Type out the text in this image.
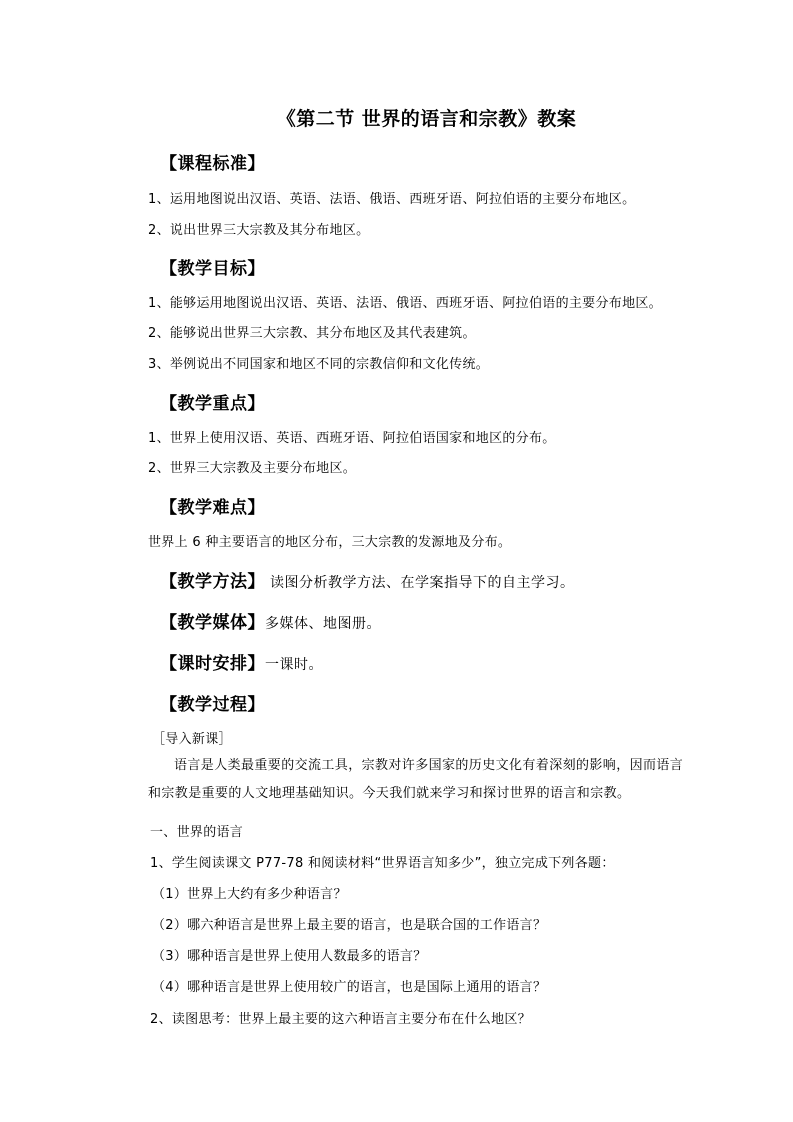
《第二节 世界的语言和宗教》教案
【课程标准】
1、运用地图说出汉语、英语、法语、俄语、西班牙语、阿拉伯语的主要分布地区。
2、说出世界三大宗教及其分布地区。
【教学目标】
1、能够运用地图说出汉语、英语、法语、俄语、西班牙语、阿拉伯语的主要分布地区。
2、能够说出世界三大宗教、其分布地区及其代表建筑。
3、举例说出不同国家和地区不同的宗教信仰和文化传统。
【教学重点】
1、世界上使用汉语、英语、西班牙语、阿拉伯语国家和地区的分布。
2、世界三大宗教及主要分布地区。
【教学难点】
世界上 6 种主要语言的地区分布，三大宗教的发源地及分布。
【教学方法】 读图分析教学方法、在学案指导下的自主学习。
【教学媒体】多媒体、地图册。
【课时安排】一课时。
【教学过程】
［导入新课］
语言是人类最重要的交流工具，宗教对许多国家的历史文化有着深刻的影响，因而语言和宗教是重要的人文地理基础知识。今天我们就来学习和探讨世界的语言和宗教。
一、世界的语言
1、学生阅读课文 P77-78 和阅读材料“世界语言知多少”，独立完成下列各题：
（1）世界上大约有多少种语言？
（2）哪六种语言是世界上最主要的语言，也是联合国的工作语言？
（3）哪种语言是世界上使用人数最多的语言？
（4）哪种语言是世界上使用较广的语言，也是国际上通用的语言？
2、读图思考：世界上最主要的这六种语言主要分布在什么地区？
